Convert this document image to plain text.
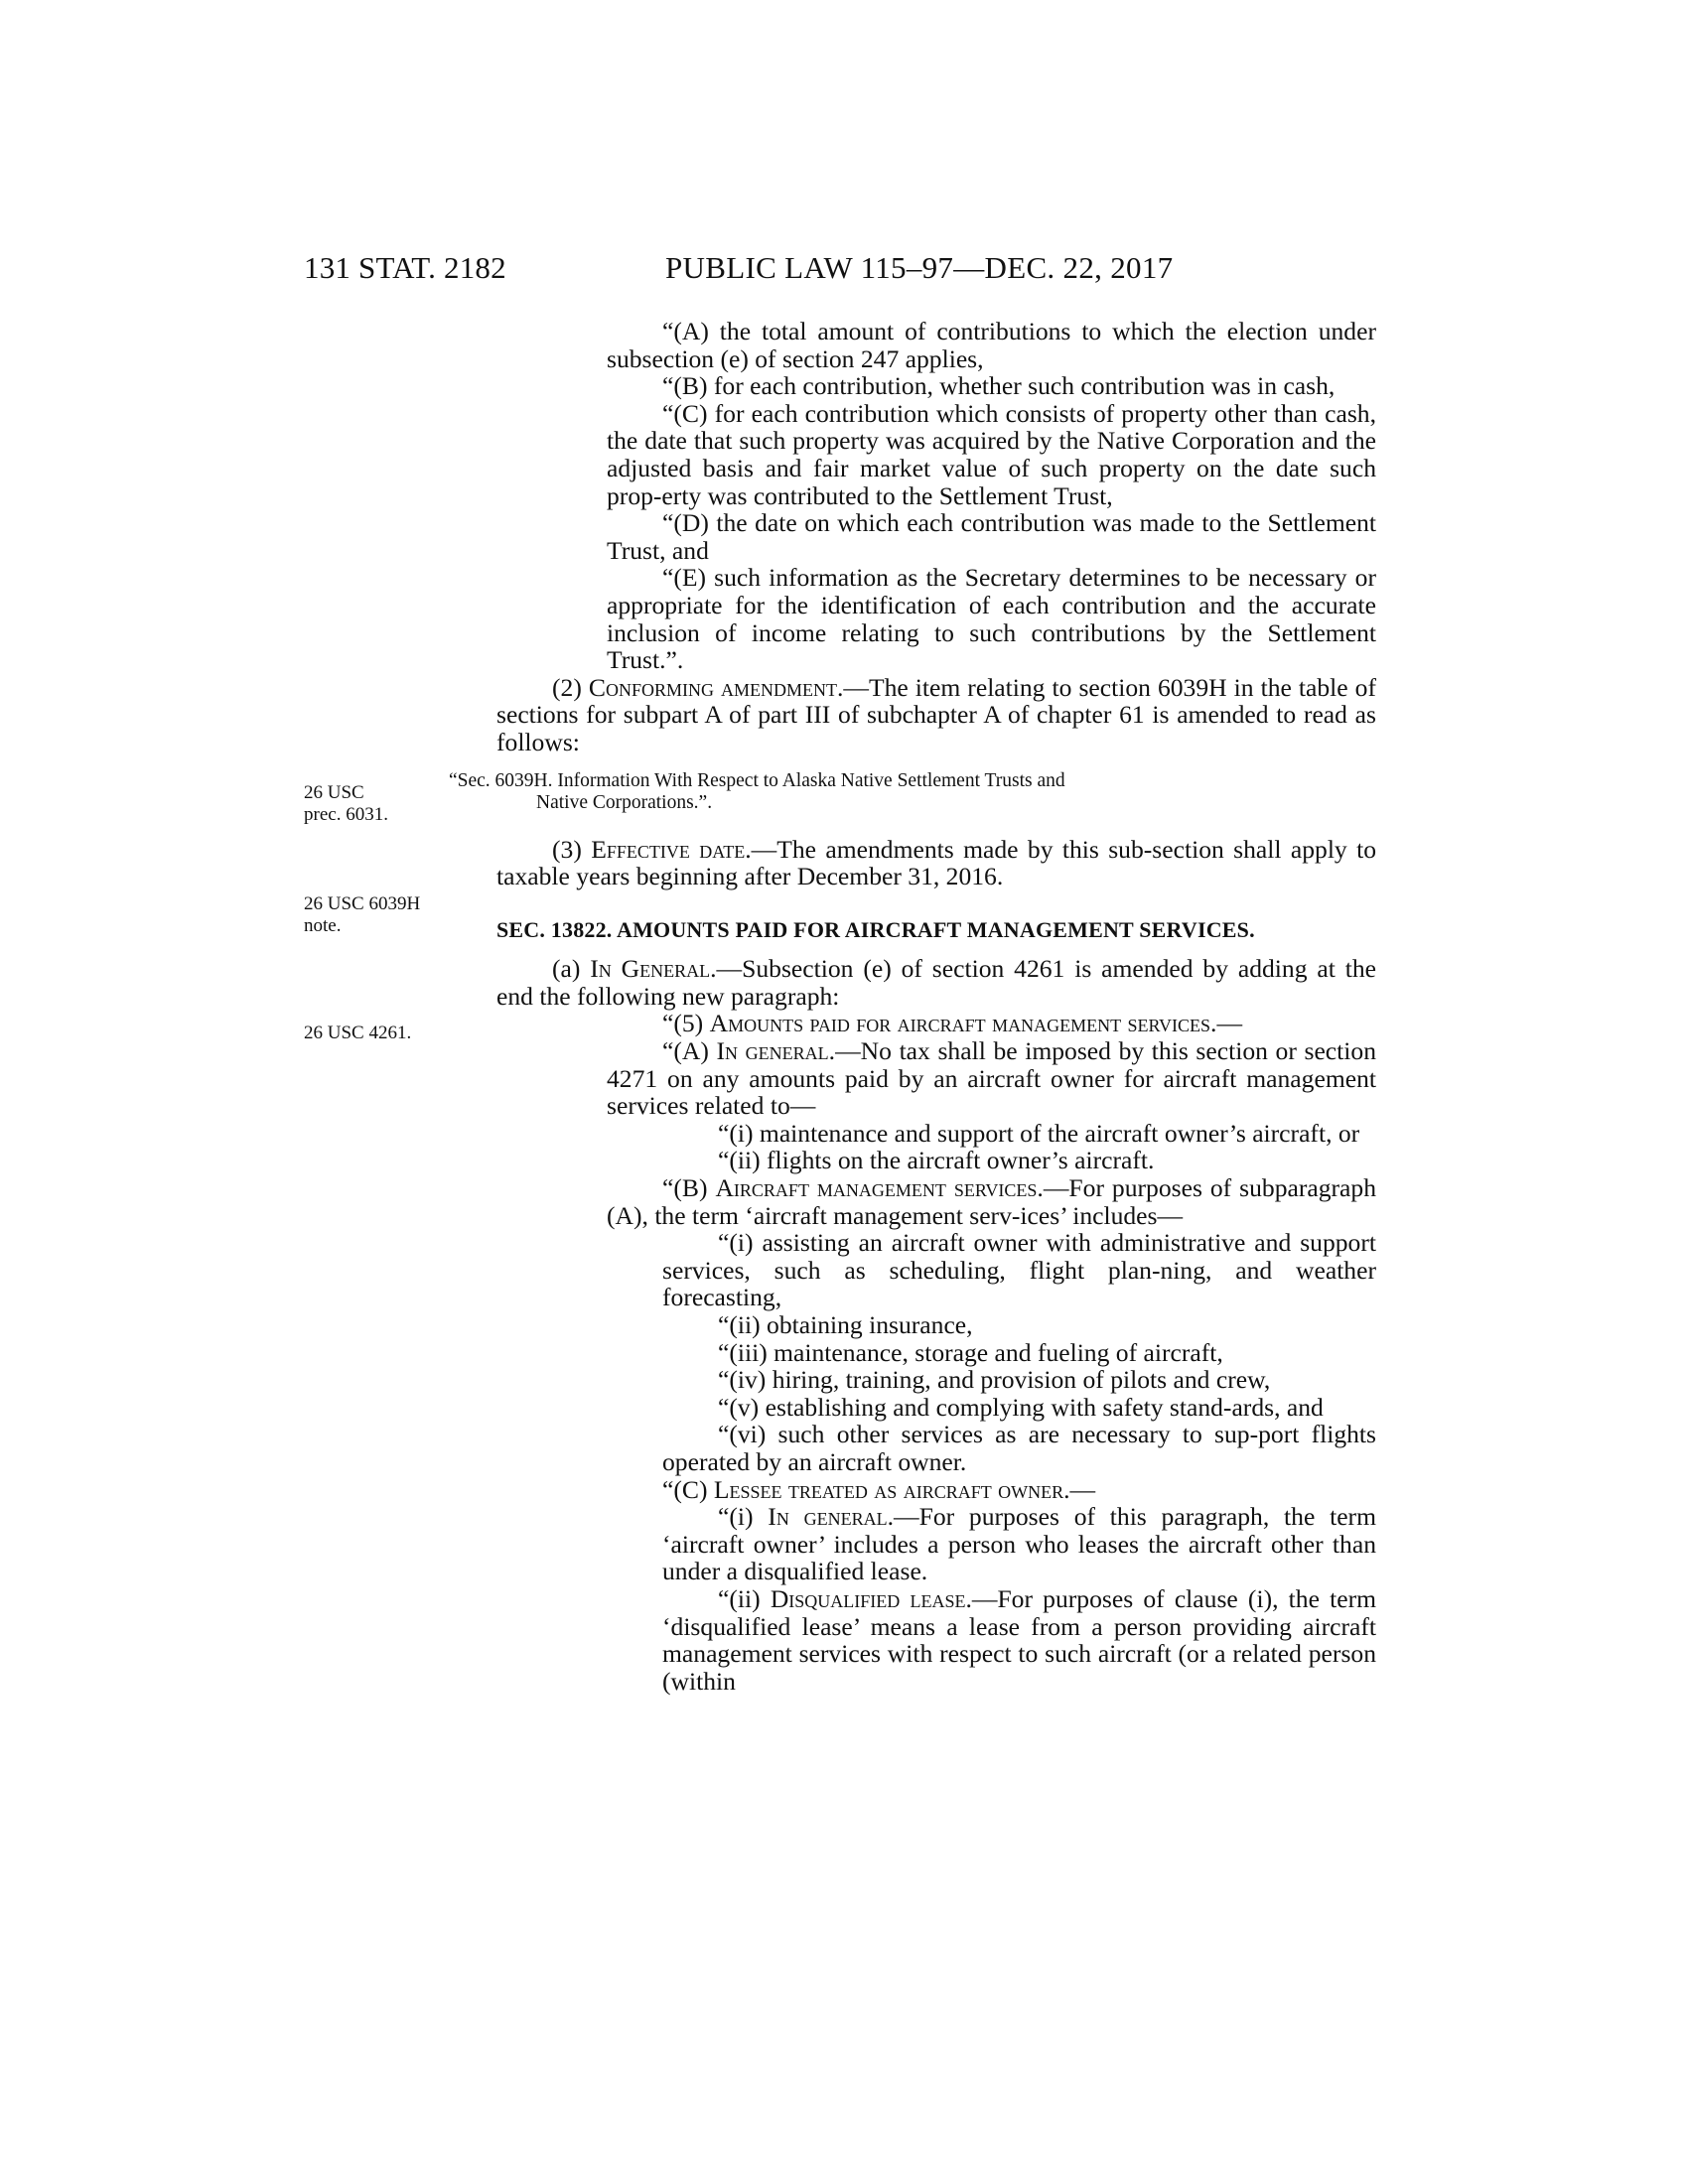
131 STAT. 2182	PUBLIC LAW 115–97—DEC. 22, 2017
26 USC
prec. 6031.
26 USC 6039H
note.
26 USC 4261.

“(A) the total amount of contributions to which the election under subsection (e) of section 247 applies,

“(B) for each contribution, whether such contribution was in cash,

“(C) for each contribution which consists of property other than cash, the date that such property was acquired by the Native Corporation and the adjusted basis and fair market value of such property on the date such prop-erty was contributed to the Settlement Trust,

“(D) the date on which each contribution was made to the Settlement Trust, and

“(E) such information as the Secretary determines to be necessary or appropriate for the identification of each contribution and the accurate inclusion of income relating to such contributions by the Settlement Trust.”.

(2) Conforming amendment.—The item relating to section 6039H in the table of sections for subpart A of part III of subchapter A of chapter 61 is amended to read as follows:

“Sec. 6039H. Information With Respect to Alaska Native Settlement Trusts and
Native Corporations.”.

(3) Effective date.—The amendments made by this sub-section shall apply to taxable years beginning after December 31, 2016.

SEC. 13822. AMOUNTS PAID FOR AIRCRAFT MANAGEMENT SERVICES.

(a) In General.—Subsection (e) of section 4261 is amended by adding at the end the following new paragraph:

“(5) Amounts paid for aircraft management services.—

“(A) In general.—No tax shall be imposed by this section or section 4271 on any amounts paid by an aircraft owner for aircraft management services related to—

“(i) maintenance and support of the aircraft owner’s aircraft, or

“(ii) flights on the aircraft owner’s aircraft.

“(B) Aircraft management services.—For purposes of subparagraph (A), the term ‘aircraft management serv-ices’ includes—

“(i) assisting an aircraft owner with administrative and support services, such as scheduling, flight plan-ning, and weather forecasting,

“(ii) obtaining insurance,

“(iii) maintenance, storage and fueling of aircraft,

“(iv) hiring, training, and provision of pilots and crew,

“(v) establishing and complying with safety stand-ards, and

“(vi) such other services as are necessary to sup-port flights operated by an aircraft owner.

“(C) Lessee treated as aircraft owner.—

“(i) In general.—For purposes of this paragraph, the term ‘aircraft owner’ includes a person who leases the aircraft other than under a disqualified lease.

“(ii) Disqualified lease.—For purposes of clause (i), the term ‘disqualified lease’ means a lease from a person providing aircraft management services with respect to such aircraft (or a related person (within
